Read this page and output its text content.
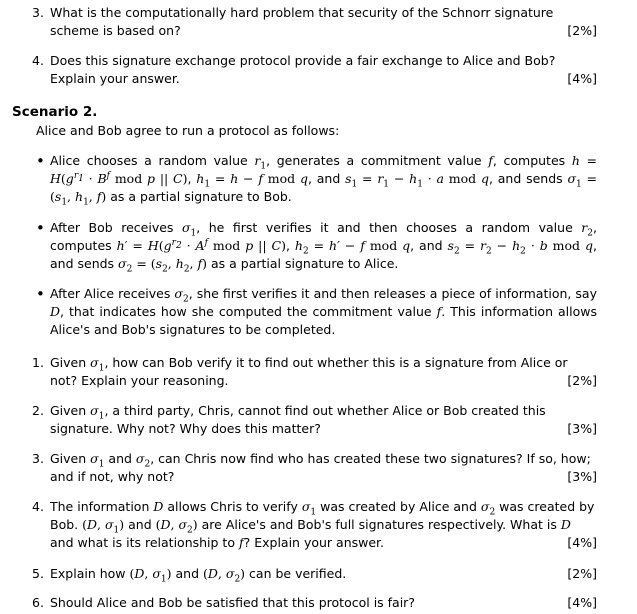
3. What is the computationally hard problem that security of the Schnorr signature scheme is based on?	[2%]
4. Does this signature exchange protocol provide a fair exchange to Alice and Bob? Explain your answer.	[4%]
Scenario 2.
Alice and Bob agree to run a protocol as follows:
• Alice chooses a random value $r_1$, generates a commitment value f, computes $h = H(g^{r_1} \cdot B^f$ mod p || C), $h_1 = h - f$ mod q, and $s_1 = r_1 - h_1 \cdot a$ mod q, and sends $\sigma_1 = (s_1$, $h_1$, f) as a partial signature to Bob.
• After Bob receives $\sigma_1$, he first verifies it and then chooses a random value $r_2$, computes $h' = H(g^{r_2} \cdot A^f$ mod p || C), $h_2 = h' - f$ mod q, and $s_2 = r_2 - h_2 \cdot b$ mod q, and sends $\sigma_2 = (s_2$, $h_2$, f) as a partial signature to Alice.
• After Alice receives $\sigma_2$, she first verifies it and then releases a piece of information, say D, that indicates how she computed the commitment value f. This information allows Alice's and Bob's signatures to be completed.
1. Given $\sigma_1$, how can Bob verify it to find out whether this is a signature from Alice or not? Explain your reasoning.	[2%]
2. Given $\sigma_1$, a third party, Chris, cannot find out whether Alice or Bob created this signature. Why not? Why does this matter?	[3%]
3. Given $\sigma_1$ and $\sigma_2$, can Chris now find who has created these two signatures? If so, how; and if not, why not?	[3%]
4. The information D allows Chris to verify $\sigma_1$ was created by Alice and $\sigma_2$ was created by Bob. (D, $\sigma_1$) and (D, $\sigma_2$) are Alice's and Bob's full signatures respectively. What is D and what is its relationship to f? Explain your answer.	[4%]
5. Explain how (D, $\sigma_1$) and (D, $\sigma_2$) can be verified.	[2%]
6. Should Alice and Bob be satisfied that this protocol is fair?	[4%]
